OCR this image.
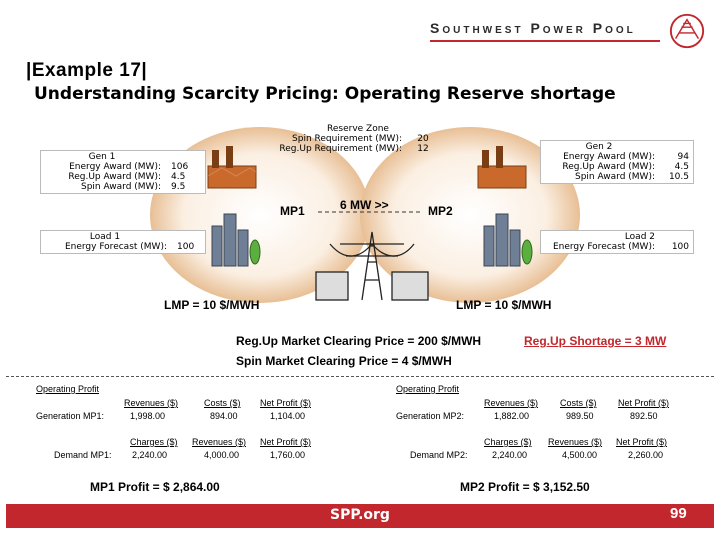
Southwest Power Pool
|Example 17|
Understanding Scarcity Pricing: Operating Reserve shortage
Reserve Zone
Spin Requirement (MW):	20
Reg.Up Requirement (MW):	12
Gen 1
Energy Award (MW): 106
Reg.Up Award (MW): 4.5
Spin Award (MW): 9.5
Gen 2
Energy Award (MW):	94
Reg.Up Award (MW):	4.5
Spin Award (MW):	10.5
Load 1
Energy Forecast (MW): 100
Load 2
Energy Forecast (MW):	100
MP1	MP2
6 MW >>
LMP = 10 $/MWH	LMP = 10 $/MWH
Reg.Up Market Clearing Price = 200 $/MWH	Reg.Up Shortage = 3 MW
Spin Market Clearing Price = 4 $/MWH
Operating Profit
Revenues ($)	Costs ($) Net Profit ($)
Generation MP1:	1,998.00	894.00	1,104.00
Charges ($) Revenues ($) Net Profit ($)
Demand MP1: 2,240.00	4,000.00	1,760.00
MP1 Profit = $ 2,864.00
Operating Profit
Revenues ($) Costs ($) Net Profit ($)
Generation MP2:	1,882.00	989.50	892.50
Charges ($) Revenues ($) Net Profit ($)
Demand MP2:	2,240.00	4,500.00	2,260.00
MP2 Profit = $ 3,152.50
SPP.org	99
